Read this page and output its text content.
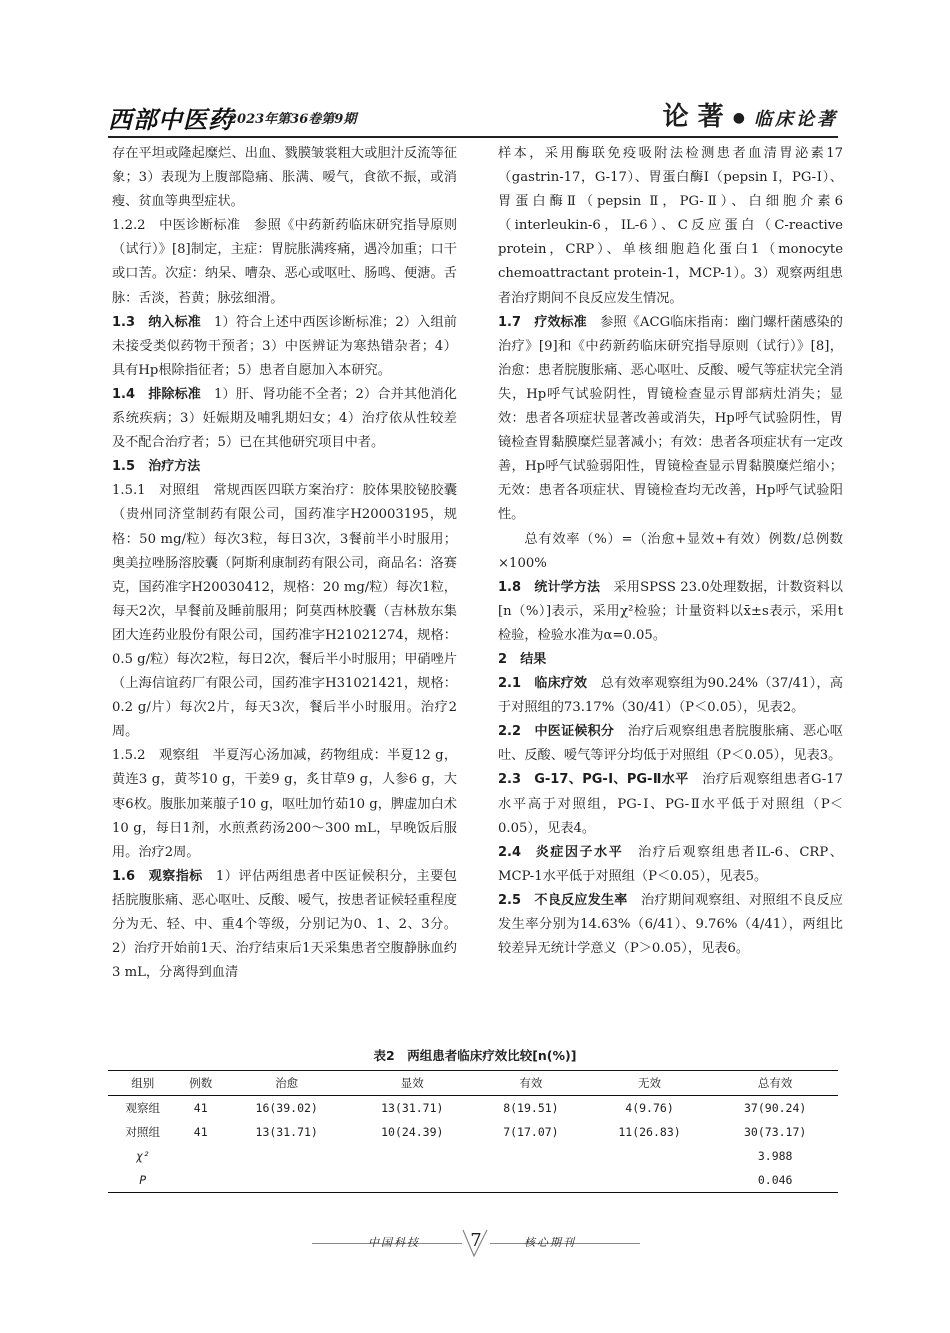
西部中医药
2023年第36卷第9期	论 著 ● 临床论著

存在平坦或隆起糜烂、出血、戮膜皱裳粗大或胆汁反流等征象；3）表现为上腹部隐痛、胀满、嗳气，食欲不振，或消瘦、贫血等典型症状。

1.2.2  中医诊断标准  参照《中药新药临床研究指导原则（试行）》[8]制定，主症：胃脘胀满疼痛，遇冷加重；口干或口苦。次症：纳呆、嘈杂、恶心或呕吐、肠鸣、便溏。舌脉：舌淡，苔黄；脉弦细滑。

1.3  纳入标准  1）符合上述中西医诊断标准；2）入组前未接受类似药物干预者；3）中医辨证为寒热错杂者；4）具有Hp根除指征者；5）患者自愿加入本研究。

1.4  排除标准  1）肝、肾功能不全者；2）合并其他消化系统疾病；3）妊娠期及哺乳期妇女；4）治疗依从性较差及不配合治疗者；5）已在其他研究项目中者。

1.5  治疗方法 

1.5.1  对照组  常规西医四联方案治疗：胶体果胶铋胶囊（贵州同济堂制药有限公司，国药准字H20003195，规格：50 mg/粒）每次3粒，每日3次，3餐前半小时服用；奥美拉唑肠溶胶囊（阿斯利康制药有限公司，商品名：洛赛克，国药准字H20030412，规格：20 mg/粒）每次1粒，每天2次，早餐前及睡前服用；阿莫西林胶囊（吉林敖东集团大连药业股份有限公司，国药准字H21021274，规格：0.5 g/粒）每次2粒，每日2次，餐后半小时服用；甲硝唑片（上海信谊药厂有限公司，国药准字H31021421，规格：0.2 g/片）每次2片，每天3次，餐后半小时服用。治疗2周。

1.5.2  观察组  半夏泻心汤加减，药物组成：半夏12 g，黄连3 g，黄芩10 g，干姜9 g，炙甘草9 g，人参6 g，大枣6枚。腹胀加莱菔子10 g，呕吐加竹茹10 g，脾虚加白术10 g，每日1剂，水煎煮药汤200～300 mL，早晚饭后服用。治疗2周。

1.6  观察指标  1）评估两组患者中医证候积分，主要包括脘腹胀痛、恶心呕吐、反酸、嗳气，按患者证候轻重程度分为无、轻、中、重4个等级，分别记为0、1、2、3分。2）治疗开始前1天、治疗结束后1天采集患者空腹静脉血约3 mL，分离得到血清

样本，采用酶联免疫吸附法检测患者血清胃泌素17（gastrin-17，G-17）、胃蛋白酶Ⅰ（pepsin Ⅰ，PG-Ⅰ）、胃蛋白酶Ⅱ（pepsin Ⅱ，PG-Ⅱ）、白细胞介素6（interleukin-6，IL-6）、C反应蛋白（C-reactive protein，CRP）、单核细胞趋化蛋白1（monocyte chemoattractant protein-1，MCP-1）。3）观察两组患者治疗期间不良反应发生情况。

1.7  疗效标准  参照《ACG临床指南：幽门螺杆菌感染的治疗》[9]和《中药新药临床研究指导原则（试行）》[8]，治愈：患者脘腹胀痛、恶心呕吐、反酸、嗳气等症状完全消失，Hp呼气试验阴性，胃镜检查显示胃部病灶消失；显效：患者各项症状显著改善或消失，Hp呼气试验阴性，胃镜检查胃黏膜糜烂显著减小；有效：患者各项症状有一定改善，Hp呼气试验弱阳性，胃镜检查显示胃黏膜糜烂缩小；无效：患者各项症状、胃镜检查均无改善，Hp呼气试验阳性。

总有效率（%）=（治愈+显效+有效）例数/总例数×100%

1.8  统计学方法  采用SPSS 23.0处理数据，计数资料以[n（%）]表示，采用χ²检验；计量资料以x̄±s表示，采用t检验，检验水准为α=0.05。

2  结果 

2.1  临床疗效  总有效率观察组为90.24%（37/41），高于对照组的73.17%（30/41）（P＜0.05），见表2。

2.2  中医证候积分  治疗后观察组患者脘腹胀痛、恶心呕吐、反酸、嗳气等评分均低于对照组（P＜0.05），见表3。

2.3  G-17、PG-Ⅰ、PG-Ⅱ水平  治疗后观察组患者G-17水平高于对照组，PG-Ⅰ、PG-Ⅱ水平低于对照组（P＜0.05），见表4。

2.4  炎症因子水平  治疗后观察组患者IL-6、CRP、MCP-1水平低于对照组（P＜0.05），见表5。

2.5  不良反应发生率  治疗期间观察组、对照组不良反应发生率分别为14.63%（6/41）、9.76%（4/41），两组比较差异无统计学意义（P＞0.05），见表6。

表2　两组患者临床疗效比较[n(%)]
组别	例数	治愈	显效	有效	无效	总有效
观察组	41	16(39.02)	13(31.71)	8(19.51)	4(9.76)	37(90.24)
对照组	41	13(31.71)	10(24.39)	7(17.07)	11(26.83)	30(73.17)
χ²						3.988
P						0.046
中国科技	7	核心期刊
